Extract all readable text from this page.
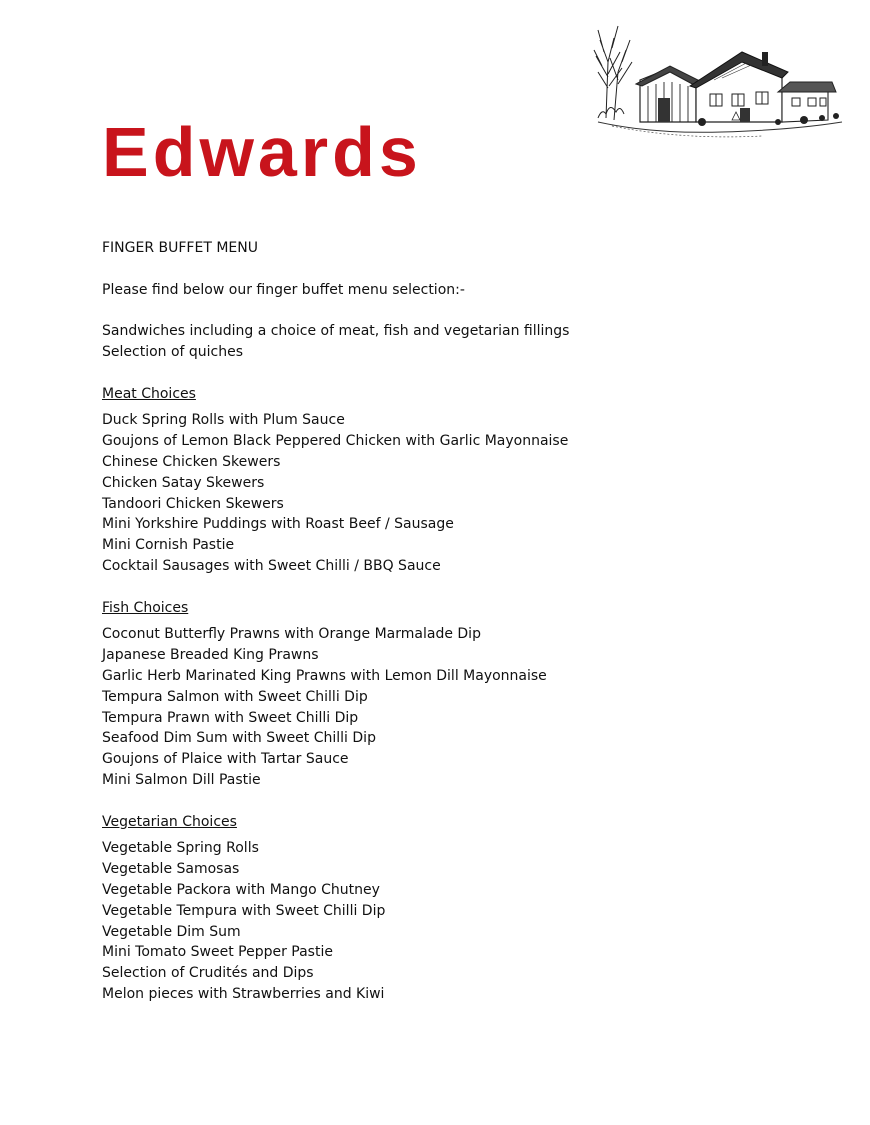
Edwards

FINGER BUFFET MENU

Please find below our finger buffet menu selection:-

Sandwiches including a choice of meat, fish and vegetarian fillings

Selection of quiches

Meat Choices

Duck Spring Rolls with Plum Sauce

Goujons of Lemon Black Peppered Chicken with Garlic Mayonnaise

Chinese Chicken Skewers

Chicken Satay Skewers

Tandoori Chicken Skewers

Mini Yorkshire Puddings with Roast Beef / Sausage

Mini Cornish Pastie

Cocktail Sausages with Sweet Chilli / BBQ Sauce

Fish Choices

Coconut Butterfly Prawns with Orange Marmalade Dip

Japanese Breaded King Prawns

Garlic Herb Marinated King Prawns with Lemon Dill Mayonnaise

Tempura Salmon with Sweet Chilli Dip

Tempura Prawn with Sweet Chilli Dip

Seafood Dim Sum with Sweet Chilli Dip

Goujons of Plaice with Tartar Sauce

Mini Salmon Dill Pastie

Vegetarian Choices

Vegetable Spring Rolls

Vegetable Samosas

Vegetable Packora with Mango Chutney

Vegetable Tempura with Sweet Chilli Dip

Vegetable Dim Sum

Mini Tomato Sweet Pepper Pastie

Selection of Crudités and Dips

Melon pieces with Strawberries and Kiwi
